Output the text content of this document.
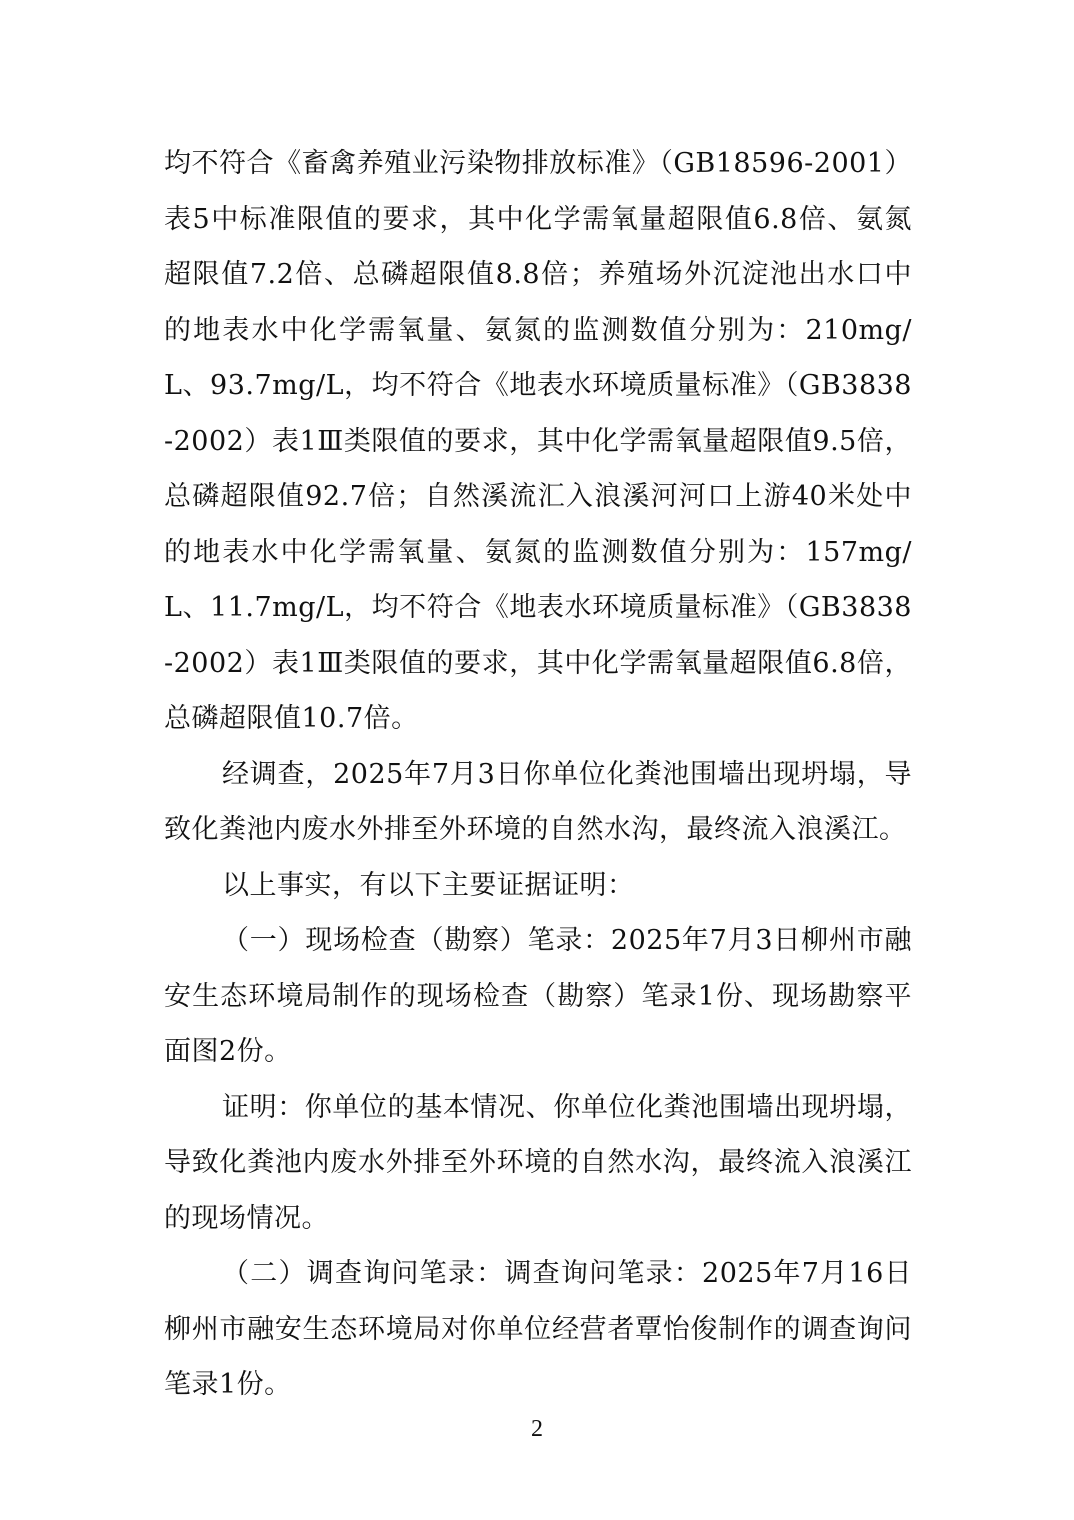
均不符合《畜禽养殖业污染物排放标准》（GB18596-2001）表5中标准限值的要求，其中化学需氧量超限值6.8倍、氨氮超限值7.2倍、总磷超限值8.8倍；养殖场外沉淀池出水口中的地表水中化学需氧量、氨氮的监测数值分别为：210mg/L、93.7mg/L，均不符合《地表水环境质量标准》（GB3838-2002）表1Ⅲ类限值的要求，其中化学需氧量超限值9.5倍，总磷超限值92.7倍；自然溪流汇入浪溪河河口上游40米处中的地表水中化学需氧量、氨氮的监测数值分别为：157mg/L、11.7mg/L，均不符合《地表水环境质量标准》（GB3838-2002）表1Ⅲ类限值的要求，其中化学需氧量超限值6.8倍，总磷超限值10.7倍。

经调查，2025年7月3日你单位化粪池围墙出现坍塌，导致化粪池内废水外排至外环境的自然水沟，最终流入浪溪江。

以上事实，有以下主要证据证明：

（一）现场检查（勘察）笔录：2025年7月3日柳州市融安生态环境局制作的现场检查（勘察）笔录1份、现场勘察平面图2份。

证明：你单位的基本情况、你单位化粪池围墙出现坍塌，导致化粪池内废水外排至外环境的自然水沟，最终流入浪溪江的现场情况。

（二）调查询问笔录：调查询问笔录：2025年7月16日柳州市融安生态环境局对你单位经营者覃怡俊制作的调查询问笔录1份。

2
